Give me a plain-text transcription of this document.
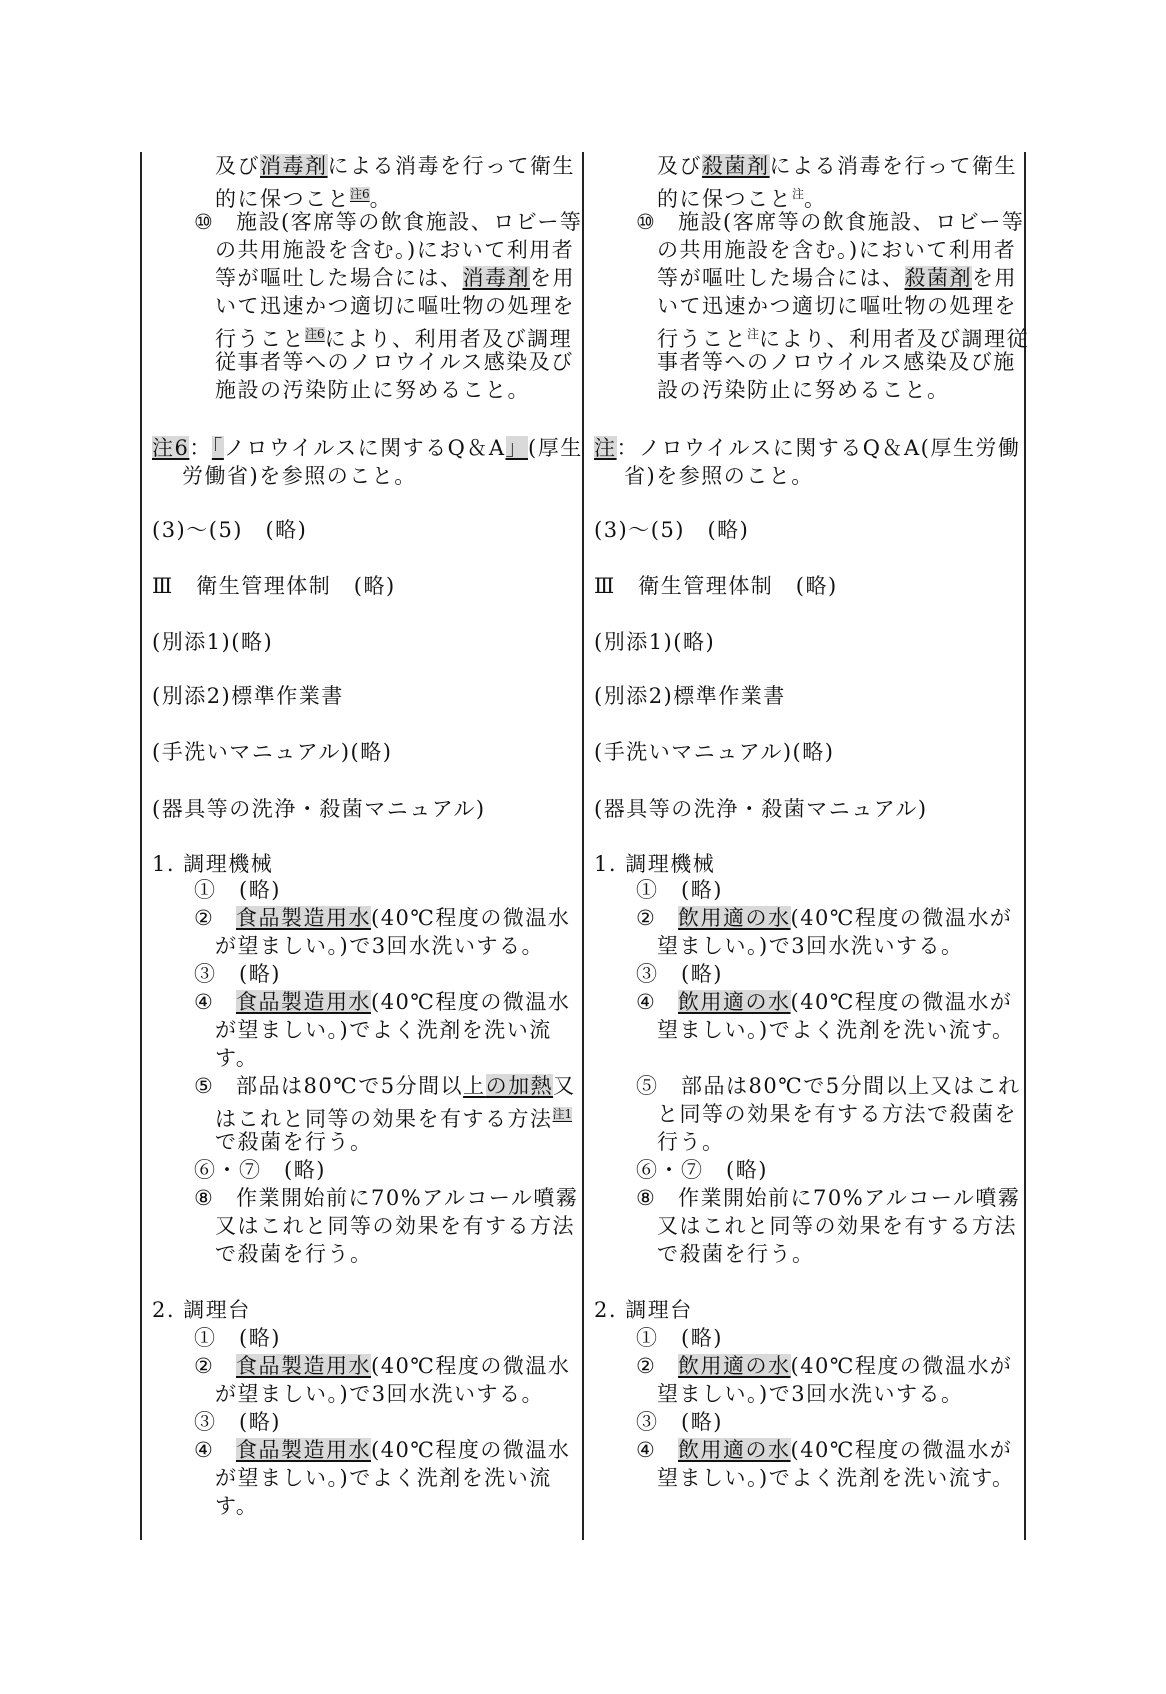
及び消毒剤による消毒を行って衛生
的に保つこと$^{注6}$。
⑩ 施設(客席等の飲食施設、ロビー等
の共用施設を含む。)において利用者
等が嘔吐した場合には、消毒剤を用
いて迅速かつ適切に嘔吐物の処理を
行うこと$^{注6}$により、利用者及び調理
従事者等へのノロウイルス感染及び
施設の汚染防止に努めること。
注6：「ノロウイルスに関するQ＆A」(厚生
労働省)を参照のこと。
(3)～(5)　(略)
Ⅲ　衛生管理体制　(略)
(別添1)(略)
(別添2)標準作業書
(手洗いマニュアル)(略)
(器具等の洗浄・殺菌マニュアル)
1. 調理機械
①　(略)
② 食品製造用水(40℃程度の微温水
が望ましい。)で3回水洗いする。
③　(略)
④ 食品製造用水(40℃程度の微温水
が望ましい。)でよく洗剤を洗い流
す。
⑤ 部品は80℃で5分間以上の加熱又
はこれと同等の効果を有する方法$^{注1}$
で殺菌を行う。
⑥・⑦　(略)
⑧ 作業開始前に70%アルコール噴霧
又はこれと同等の効果を有する方法
で殺菌を行う。
2. 調理台
①　(略)
② 食品製造用水(40℃程度の微温水
が望ましい。)で3回水洗いする。
③　(略)
④ 食品製造用水(40℃程度の微温水
が望ましい。)でよく洗剤を洗い流
す。
及び殺菌剤による消毒を行って衛生
的に保つこと$^注$。
⑩ 施設(客席等の飲食施設、ロビー等
の共用施設を含む。)において利用者
等が嘔吐した場合には、殺菌剤を用
いて迅速かつ適切に嘔吐物の処理を
行うこと$^注$により、利用者及び調理従
事者等へのノロウイルス感染及び施
設の汚染防止に努めること。
注：ノロウイルスに関するQ＆A(厚生労働
省)を参照のこと。
(3)～(5)　(略)
Ⅲ　衛生管理体制　(略)
(別添1)(略)
(別添2)標準作業書
(手洗いマニュアル)(略)
(器具等の洗浄・殺菌マニュアル)
1. 調理機械
①　(略)
② 飲用適の水(40℃程度の微温水が
望ましい。)で3回水洗いする。
③　(略)
④ 飲用適の水(40℃程度の微温水が
望ましい。)でよく洗剤を洗い流す。
⑤　部品は80℃で5分間以上又はこれ
と同等の効果を有する方法で殺菌を
行う。
⑥・⑦　(略)
⑧ 作業開始前に70%アルコール噴霧
又はこれと同等の効果を有する方法
で殺菌を行う。
2. 調理台
①　(略)
② 飲用適の水(40℃程度の微温水が
望ましい。)で3回水洗いする。
③　(略)
④ 飲用適の水(40℃程度の微温水が
望ましい。)でよく洗剤を洗い流す。
